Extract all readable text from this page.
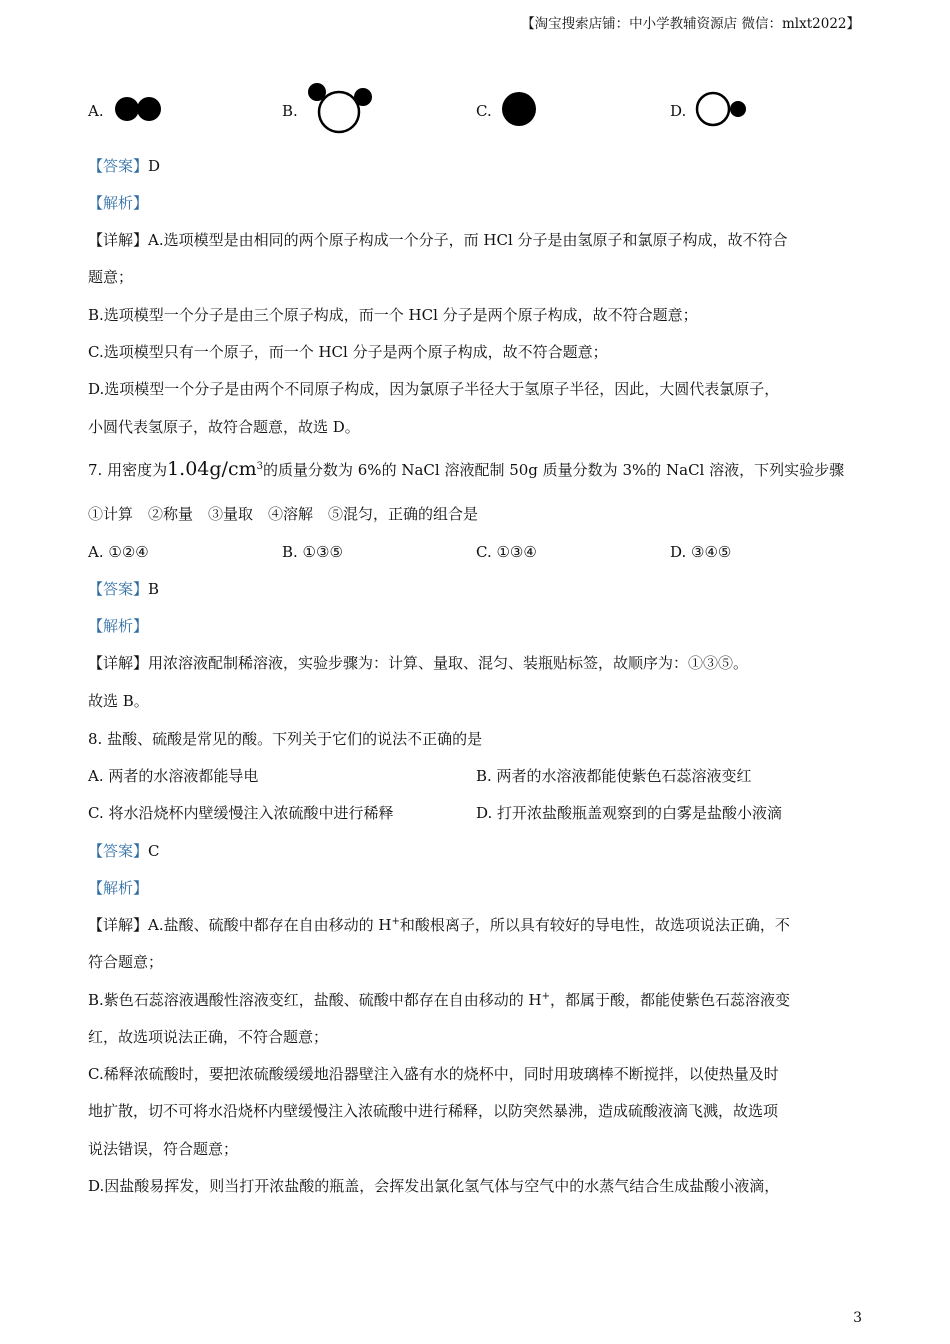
【淘宝搜索店铺：中小学教辅资源店 微信：mlxt2022】
A.	B.	C.	D.
【答案】D
【解析】
【详解】A.选项模型是由相同的两个原子构成一个分子，而 HCl 分子是由氢原子和氯原子构成，故不符合
题意；
B.选项模型一个分子是由三个原子构成，而一个 HCl 分子是两个原子构成，故不符合题意；
C.选项模型只有一个原子，而一个 HCl 分子是两个原子构成，故不符合题意；
D.选项模型一个分子是由两个不同原子构成，因为氯原子半径大于氢原子半径，因此，大圆代表氯原子，
小圆代表氢原子，故符合题意，故选 D。
7. 用密度为$1.04g/cm^3$的质量分数为 6%的 NaCl 溶液配制 50g 质量分数为 3%的 NaCl 溶液，下列实验步骤
①计算　②称量　③量取　④溶解　⑤混匀，正确的组合是
A. ①②④	B. ①③⑤	C. ①③④	D. ③④⑤
【答案】B
【解析】
【详解】用浓溶液配制稀溶液，实验步骤为：计算、量取、混匀、装瓶贴标签，故顺序为：①③⑤。
故选 B。
8. 盐酸、硫酸是常见的酸。下列关于它们的说法不正确的是
A. 两者的水溶液都能导电	B. 两者的水溶液都能使紫色石蕊溶液变红
C. 将水沿烧杯内壁缓慢注入浓硫酸中进行稀释	D. 打开浓盐酸瓶盖观察到的白雾是盐酸小液滴
【答案】C
【解析】
【详解】A.盐酸、硫酸中都存在自由移动的 H+和酸根离子，所以具有较好的导电性，故选项说法正确，不
符合题意；
B.紫色石蕊溶液遇酸性溶液变红，盐酸、硫酸中都存在自由移动的 H+，都属于酸，都能使紫色石蕊溶液变
红，故选项说法正确，不符合题意；
C.稀释浓硫酸时，要把浓硫酸缓缓地沿器壁注入盛有水的烧杯中，同时用玻璃棒不断搅拌，以使热量及时
地扩散，切不可将水沿烧杯内壁缓慢注入浓硫酸中进行稀释，以防突然暴沸，造成硫酸液滴飞溅，故选项
说法错误，符合题意；
D.因盐酸易挥发，则当打开浓盐酸的瓶盖，会挥发出氯化氢气体与空气中的水蒸气结合生成盐酸小液滴，
3
